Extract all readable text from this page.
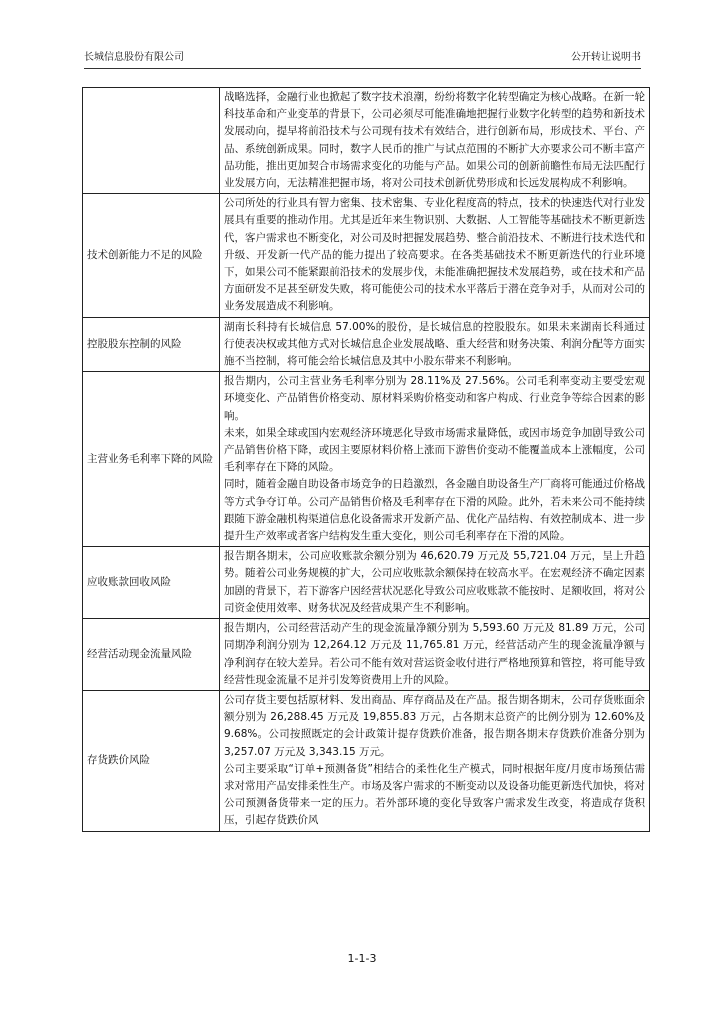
长城信息股份有限公司	公开转让说明书

	战略选择，金融行业也掀起了数字技术浪潮，纷纷将数字化转型确定为核心战略。在新一轮科技革命和产业变革的背景下，公司必须尽可能准确地把握行业数字化转型的趋势和新技术发展动向，提早将前沿技术与公司现有技术有效结合，进行创新布局，形成技术、平台、产品、系统创新成果。同时，数字人民币的推广与试点范围的不断扩大亦要求公司不断丰富产品功能，推出更加契合市场需求变化的功能与产品。如果公司的创新前瞻性布局无法匹配行业发展方向，无法精准把握市场，将对公司技术创新优势形成和长远发展构成不利影响。

技术创新能力不足的风险	公司所处的行业具有智力密集、技术密集、专业化程度高的特点，技术的快速迭代对行业发展具有重要的推动作用。尤其是近年来生物识别、大数据、人工智能等基础技术不断更新迭代，客户需求也不断变化，对公司及时把握发展趋势、整合前沿技术、不断进行技术迭代和升级、开发新一代产品的能力提出了较高要求。在各类基础技术不断更新迭代的行业环境下，如果公司不能紧跟前沿技术的发展步伐，未能准确把握技术发展趋势，或在技术和产品方面研发不足甚至研发失败，将可能使公司的技术水平落后于潜在竞争对手，从而对公司的业务发展造成不利影响。

控股股东控制的风险	湖南长科持有长城信息 57.00%的股份，是长城信息的控股股东。如果未来湖南长科通过行使表决权或其他方式对长城信息企业发展战略、重大经营和财务决策、利润分配等方面实施不当控制，将可能会给长城信息及其中小股东带来不利影响。

主营业务毛利率下降的风险	报告期内，公司主营业务毛利率分别为 28.11%及 27.56%。公司毛利率变动主要受宏观环境变化、产品销售价格变动、原材料采购价格变动和客户构成、行业竞争等综合因素的影响。

未来，如果全球或国内宏观经济环境恶化导致市场需求量降低，或因市场竞争加剧导致公司产品销售价格下降，或因主要原材料价格上涨而下游售价变动不能覆盖成本上涨幅度，公司毛利率存在下降的风险。

同时，随着金融自助设备市场竞争的日趋激烈，各金融自助设备生产厂商将可能通过价格战等方式争夺订单。公司产品销售价格及毛利率存在下滑的风险。此外，若未来公司不能持续跟随下游金融机构渠道信息化设备需求开发新产品、优化产品结构、有效控制成本、进一步提升生产效率或者客户结构发生重大变化，则公司毛利率存在下滑的风险。

应收账款回收风险	报告期各期末，公司应收账款余额分别为 46,620.79 万元及 55,721.04 万元，呈上升趋势。随着公司业务规模的扩大，公司应收账款余额保持在较高水平。在宏观经济不确定因素加剧的背景下，若下游客户因经营状况恶化导致公司应收账款不能按时、足额收回，将对公司资金使用效率、财务状况及经营成果产生不利影响。

经营活动现金流量风险	报告期内，公司经营活动产生的现金流量净额分别为 5,593.60 万元及 81.89 万元，公司同期净利润分别为 12,264.12 万元及 11,765.81 万元，经营活动产生的现金流量净额与净利润存在较大差异。若公司不能有效对营运资金收付进行严格地预算和管控，将可能导致经营性现金流量不足并引发筹资费用上升的风险。

存货跌价风险	公司存货主要包括原材料、发出商品、库存商品及在产品。报告期各期末，公司存货账面余额分别为 26,288.45 万元及 19,855.83 万元，占各期末总资产的比例分别为 12.60%及 9.68%。公司按照既定的会计政策计提存货跌价准备，报告期各期末存货跌价准备分别为 3,257.07 万元及 3,343.15 万元。

公司主要采取“订单+预测备货”相结合的柔性化生产模式，同时根据年度/月度市场预估需求对常用产品安排柔性生产。市场及客户需求的不断变动以及设备功能更新迭代加快，将对公司预测备货带来一定的压力。若外部环境的变化导致客户需求发生改变，将造成存货积压，引起存货跌价风

1-1-3
